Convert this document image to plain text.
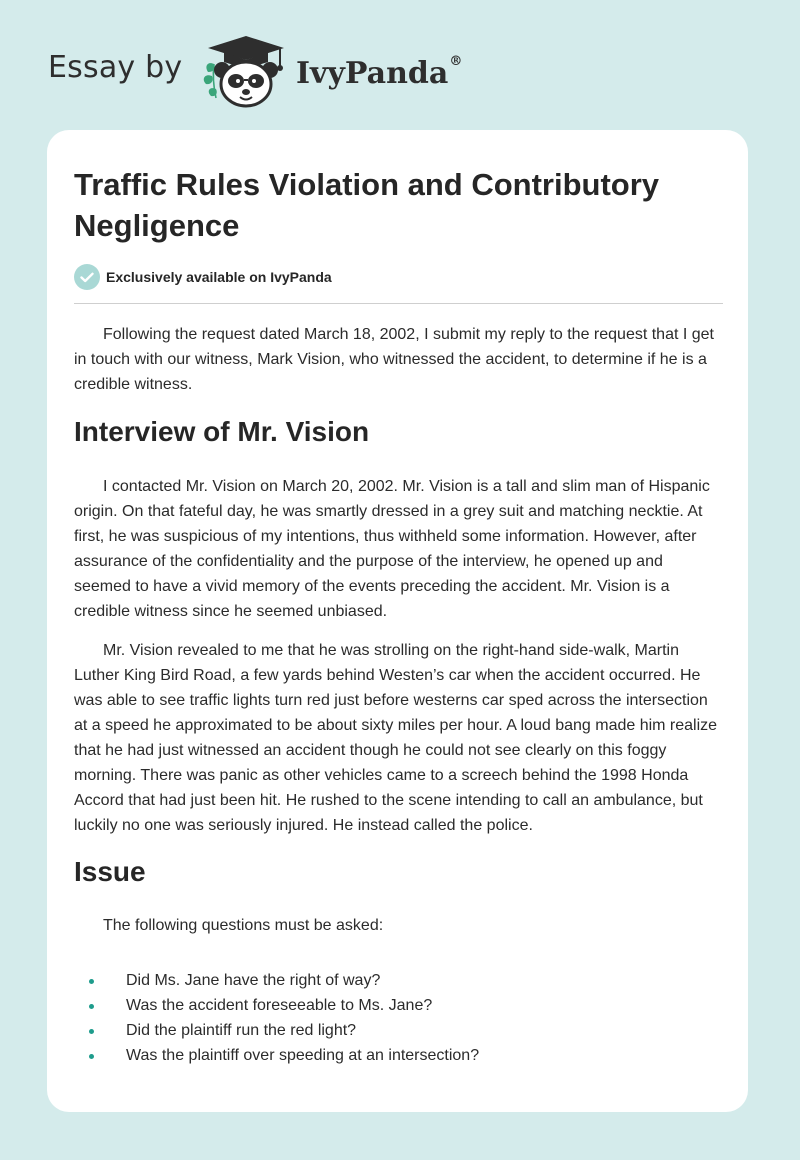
Essay by	IvyPanda®
Traffic Rules Violation and Contributory Negligence
Exclusively available on IvyPanda

Following the request dated March 18, 2002, I submit my reply to the request that I get in touch with our witness, Mark Vision, who witnessed the accident, to determine if he is a credible witness.

Interview of Mr. Vision

I contacted Mr. Vision on March 20, 2002. Mr. Vision is a tall and slim man of Hispanic origin. On that fateful day, he was smartly dressed in a grey suit and matching necktie. At first, he was suspicious of my intentions, thus withheld some information. However, after assurance of the confidentiality and the purpose of the interview, he opened up and seemed to have a vivid memory of the events preceding the accident. Mr. Vision is a credible witness since he seemed unbiased.

Mr. Vision revealed to me that he was strolling on the right-hand side-walk, Martin Luther King Bird Road, a few yards behind Westen’s car when the accident occurred. He was able to see traffic lights turn red just before westerns car sped across the intersection at a speed he approximated to be about sixty miles per hour. A loud bang made him realize that he had just witnessed an accident though he could not see clearly on this foggy morning. There was panic as other vehicles came to a screech behind the 1998 Honda Accord that had just been hit. He rushed to the scene intending to call an ambulance, but luckily no one was seriously injured. He instead called the police.

Issue

The following questions must be asked:

Did Ms. Jane have the right of way?
Was the accident foreseeable to Ms. Jane?
Did the plaintiff run the red light?
Was the plaintiff over speeding at an intersection?
